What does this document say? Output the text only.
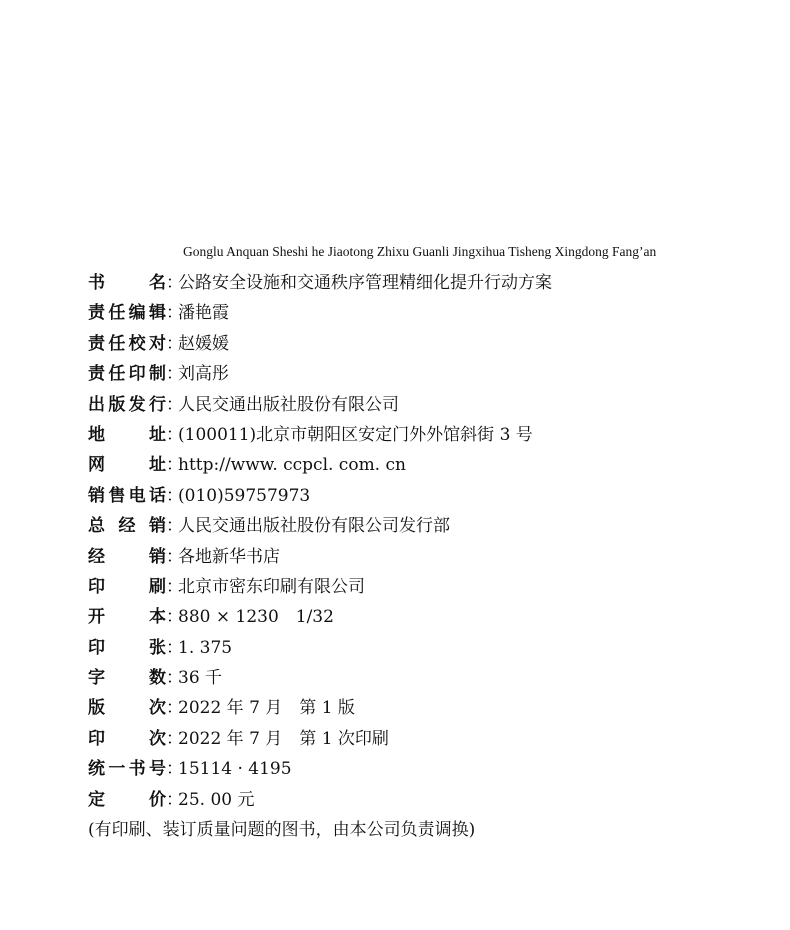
Gonglu Anquan Sheshi he Jiaotong Zhixu Guanli Jingxihua Tisheng Xingdong Fang’an
书名 ：
公路安全设施和交通秩序管理精细化提升行动方案
责任编辑 ：
潘艳霞
责任校对 ：
赵媛媛
责任印制 ：
刘高彤
出版发行 ：
人民交通出版社股份有限公司
地址 ：
(100011)北京市朝阳区安定门外外馆斜街 3 号
网址 ：
http://www. ccpcl. com. cn
销售电话 ：
(010)59757973
总经销 ：
人民交通出版社股份有限公司发行部
经销 ：
各地新华书店
印刷 ：
北京市密东印刷有限公司
开本 ：
880 × 1230　1/32
印张 ：
1. 375
字数 ：
36 千
版次 ：
2022 年 7 月　第 1 版
印次 ：
2022 年 7 月　第 1 次印刷
统一书号 ：
15114 · 4195
定价 ：
25. 00 元
(有印刷、装订质量问题的图书，由本公司负责调换)
